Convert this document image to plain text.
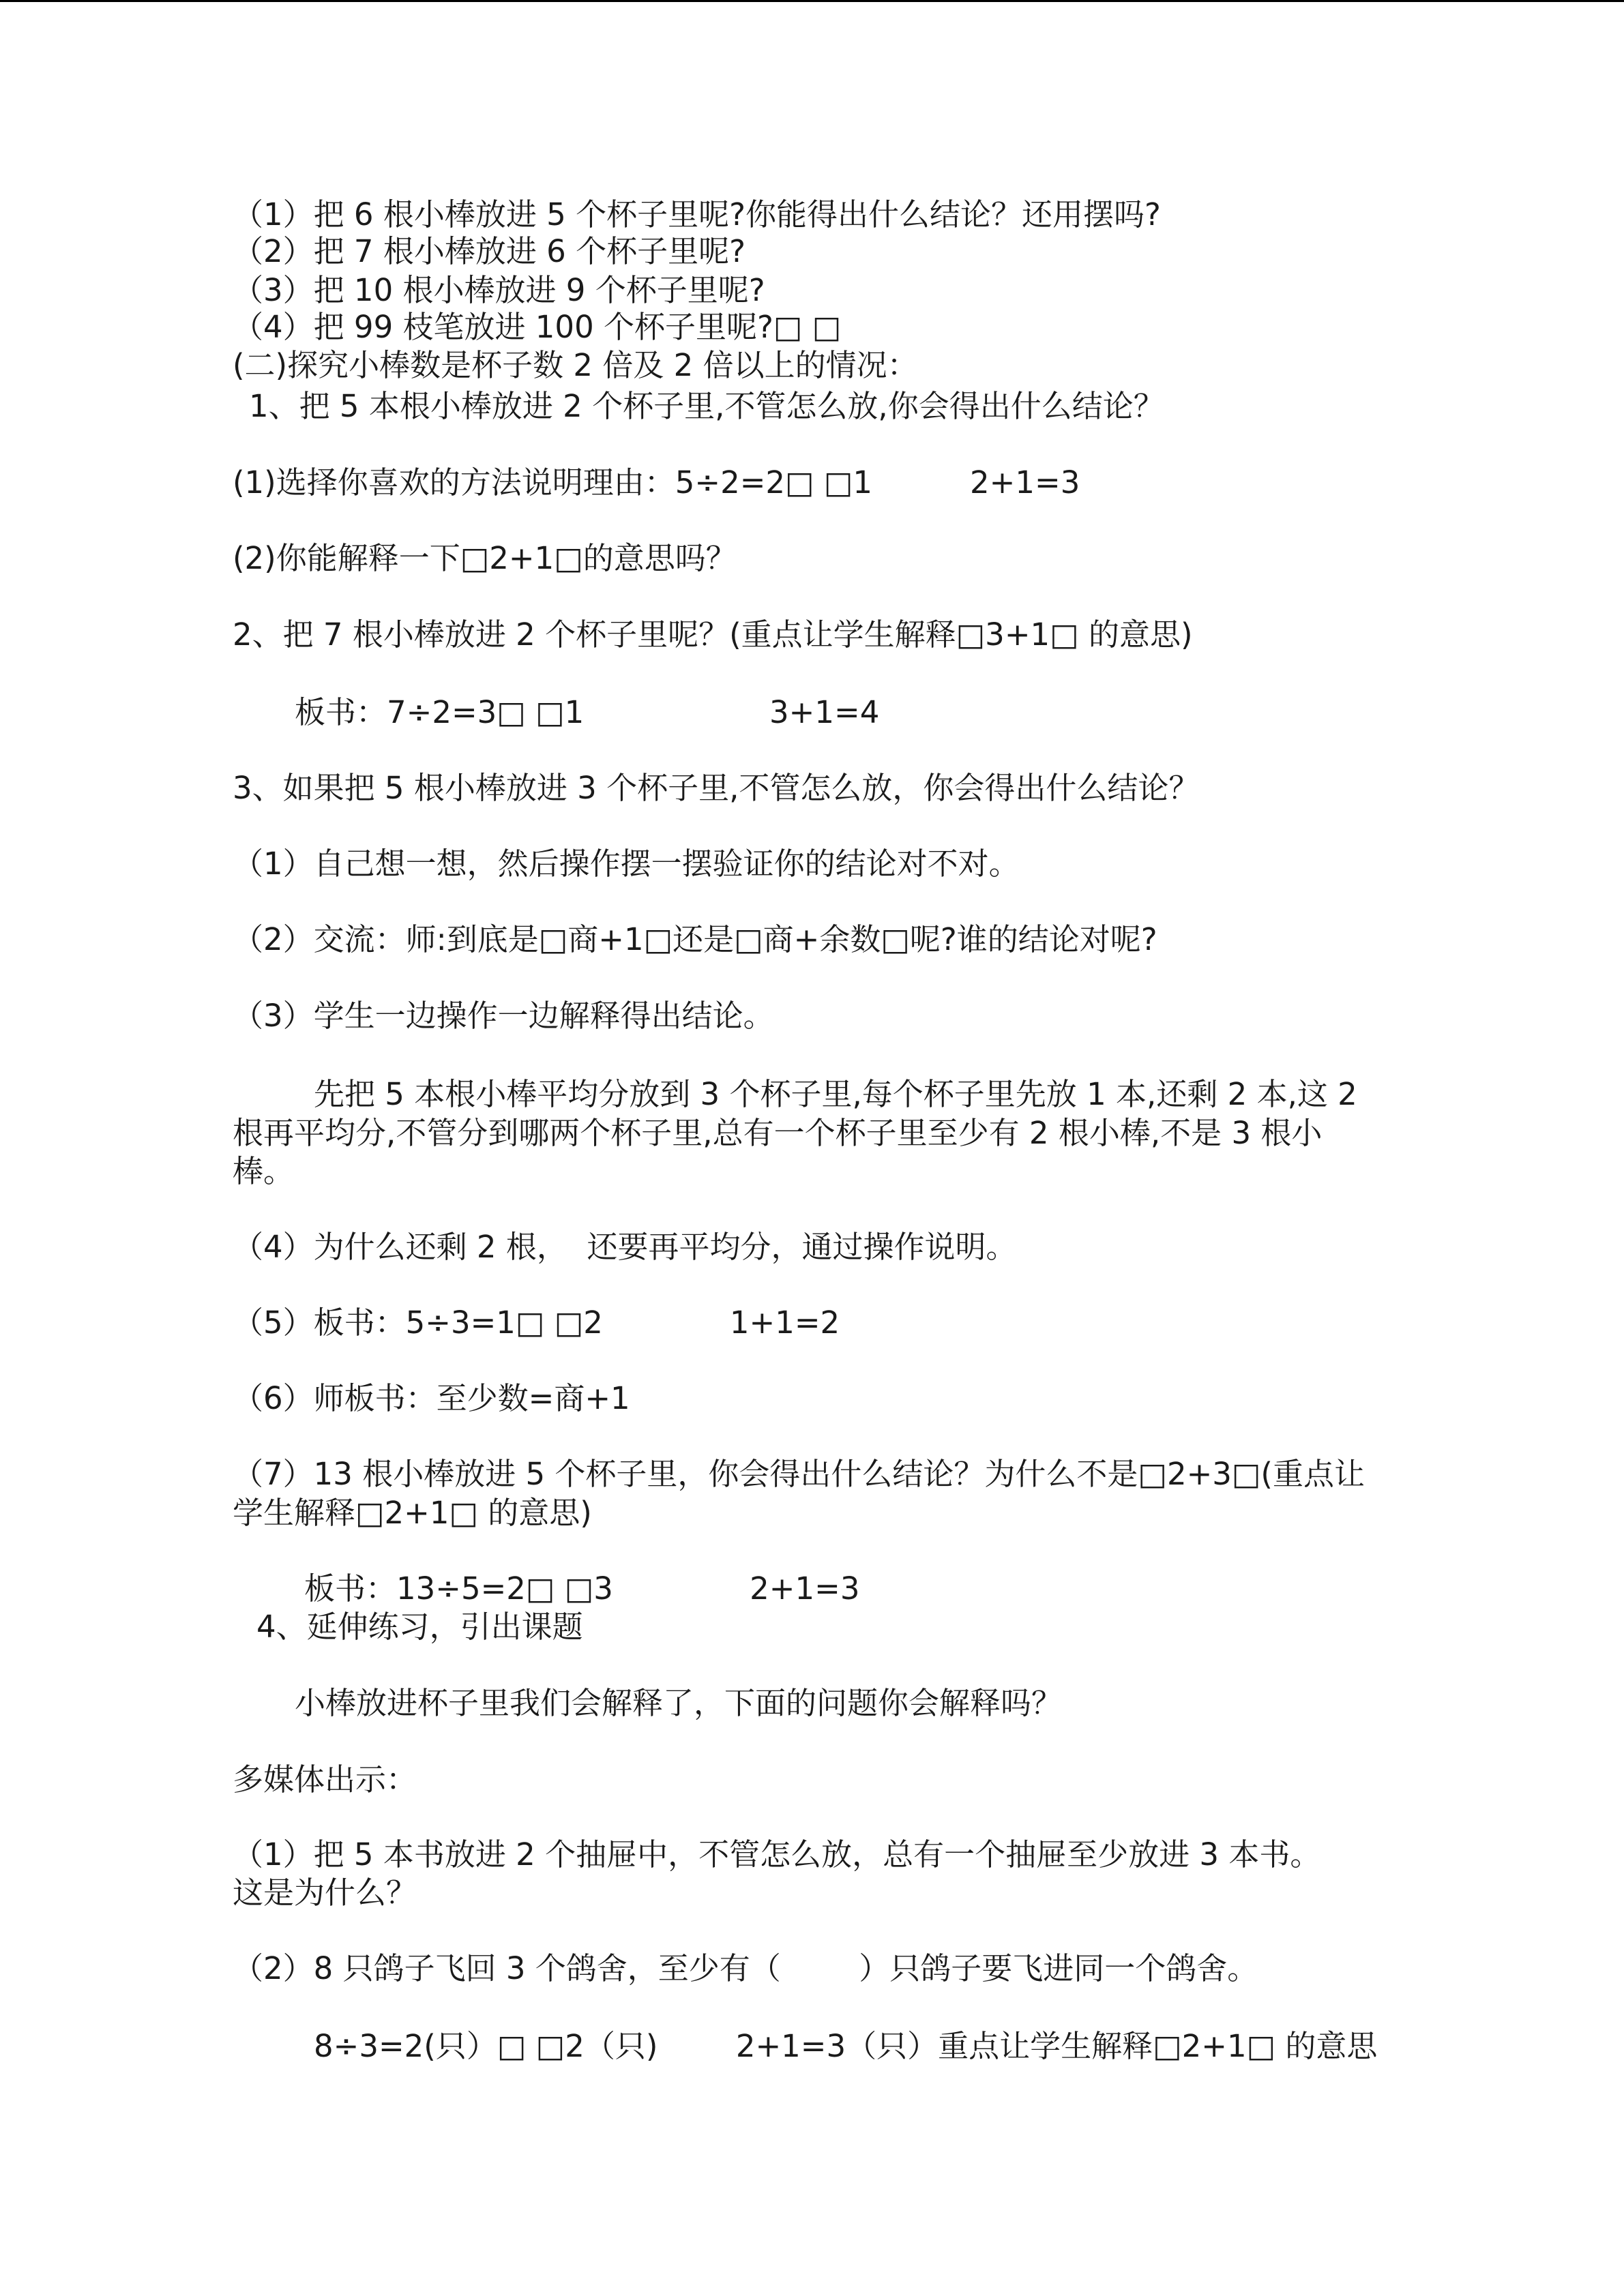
（1）把 6 根小棒放进 5 个杯子里呢?你能得出什么结论？还用摆吗?

（2）把 7 根小棒放进 6 个杯子里呢?

（3）把 10 根小棒放进 9 个杯子里呢?

（4）把 99 枝笔放进 100 个杯子里呢?□ □

(二)探究小棒数是杯子数 2 倍及 2 倍以上的情况：

1、把 5 本根小棒放进 2 个杯子里,不管怎么放,你会得出什么结论？

(1)选择你喜欢的方法说明理由：5÷2=2□ □1          2+1=3

(2)你能解释一下□2+1□的意思吗？

2、把 7 根小棒放进 2 个杯子里呢？(重点让学生解释□3+1□ 的意思)

板书：7÷2=3□ □1                   3+1=4

3、如果把 5 根小棒放进 3 个杯子里,不管怎么放，你会得出什么结论？

（1）自己想一想，然后操作摆一摆验证你的结论对不对。

（2）交流：师:到底是□商+1□还是□商+余数□呢?谁的结论对呢?

（3）学生一边操作一边解释得出结论。

先把 5 本根小棒平均分放到 3 个杯子里,每个杯子里先放 1 本,还剩 2 本,这 2

根再平均分,不管分到哪两个杯子里,总有一个杯子里至少有 2 根小棒,不是 3 根小

棒。

（4）为什么还剩 2 根，  还要再平均分，通过操作说明。

（5）板书：5÷3=1□ □2             1+1=2

（6）师板书：至少数=商+1

（7）13 根小棒放进 5 个杯子里，你会得出什么结论？为什么不是□2+3□(重点让

学生解释□2+1□ 的意思)

板书：13÷5=2□ □3              2+1=3

4、延伸练习，引出课题

小棒放进杯子里我们会解释了，下面的问题你会解释吗？

多媒体出示：

（1）把 5 本书放进 2 个抽屉中，不管怎么放，总有一个抽屉至少放进 3 本书。

这是为什么？

（2）8 只鸽子飞回 3 个鸽舍，至少有（        ）只鸽子要飞进同一个鸽舍。

8÷3=2(只）□ □2（只)        2+1=3（只）重点让学生解释□2+1□ 的意思
